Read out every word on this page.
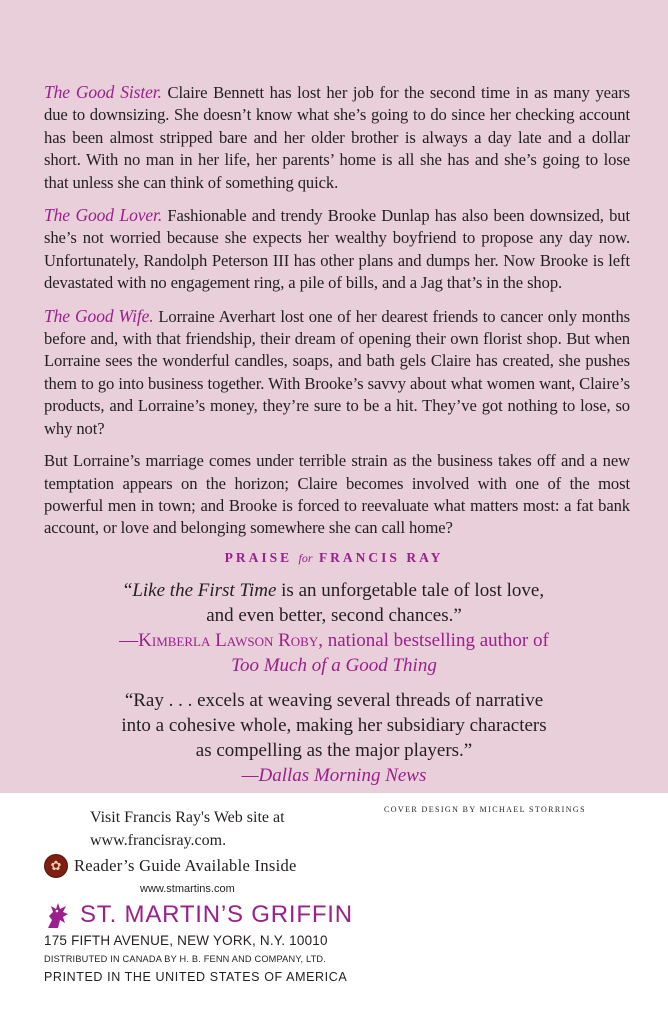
The Good Sister. Claire Bennett has lost her job for the second time in as many years due to downsizing. She doesn’t know what she’s going to do since her checking account has been almost stripped bare and her older brother is always a day late and a dollar short. With no man in her life, her parents’ home is all she has and she’s going to lose that unless she can think of something quick.

The Good Lover. Fashionable and trendy Brooke Dunlap has also been downsized, but she’s not worried because she expects her wealthy boyfriend to propose any day now. Unfortunately, Randolph Peterson III has other plans and dumps her. Now Brooke is left devastated with no engagement ring, a pile of bills, and a Jag that’s in the shop.

The Good Wife. Lorraine Averhart lost one of her dearest friends to cancer only months before and, with that friendship, their dream of opening their own florist shop. But when Lorraine sees the wonderful candles, soaps, and bath gels Claire has created, she pushes them to go into business together. With Brooke’s savvy about what women want, Claire’s products, and Lorraine’s money, they’re sure to be a hit. They’ve got nothing to lose, so why not?

But Lorraine’s marriage comes under terrible strain as the business takes off and a new temptation appears on the horizon; Claire becomes involved with one of the most powerful men in town; and Brooke is forced to reevaluate what matters most: a fat bank account, or love and belonging somewhere she can call home?

PRAISE for FRANCIS RAY
“Like the First Time is an unforgetable tale of lost love,
and even better, second chances.”
—Kimberla Lawson Roby, national bestselling author of
Too Much of a Good Thing
“Ray . . . excels at weaving several threads of narrative
into a cohesive whole, making her subsidiary characters
as compelling as the major players.”
—Dallas Morning News
Visit Francis Ray's Web site at
www.francisray.com.
COVER DESIGN BY MICHAEL STORRINGS
✿ Reader’s Guide Available Inside
www.stmartins.com
ST. MARTIN’S GRIFFIN
175 FIFTH AVENUE, NEW YORK, N.Y. 10010
DISTRIBUTED IN CANADA BY H. B. FENN AND COMPANY, LTD.
PRINTED IN THE UNITED STATES OF AMERICA
